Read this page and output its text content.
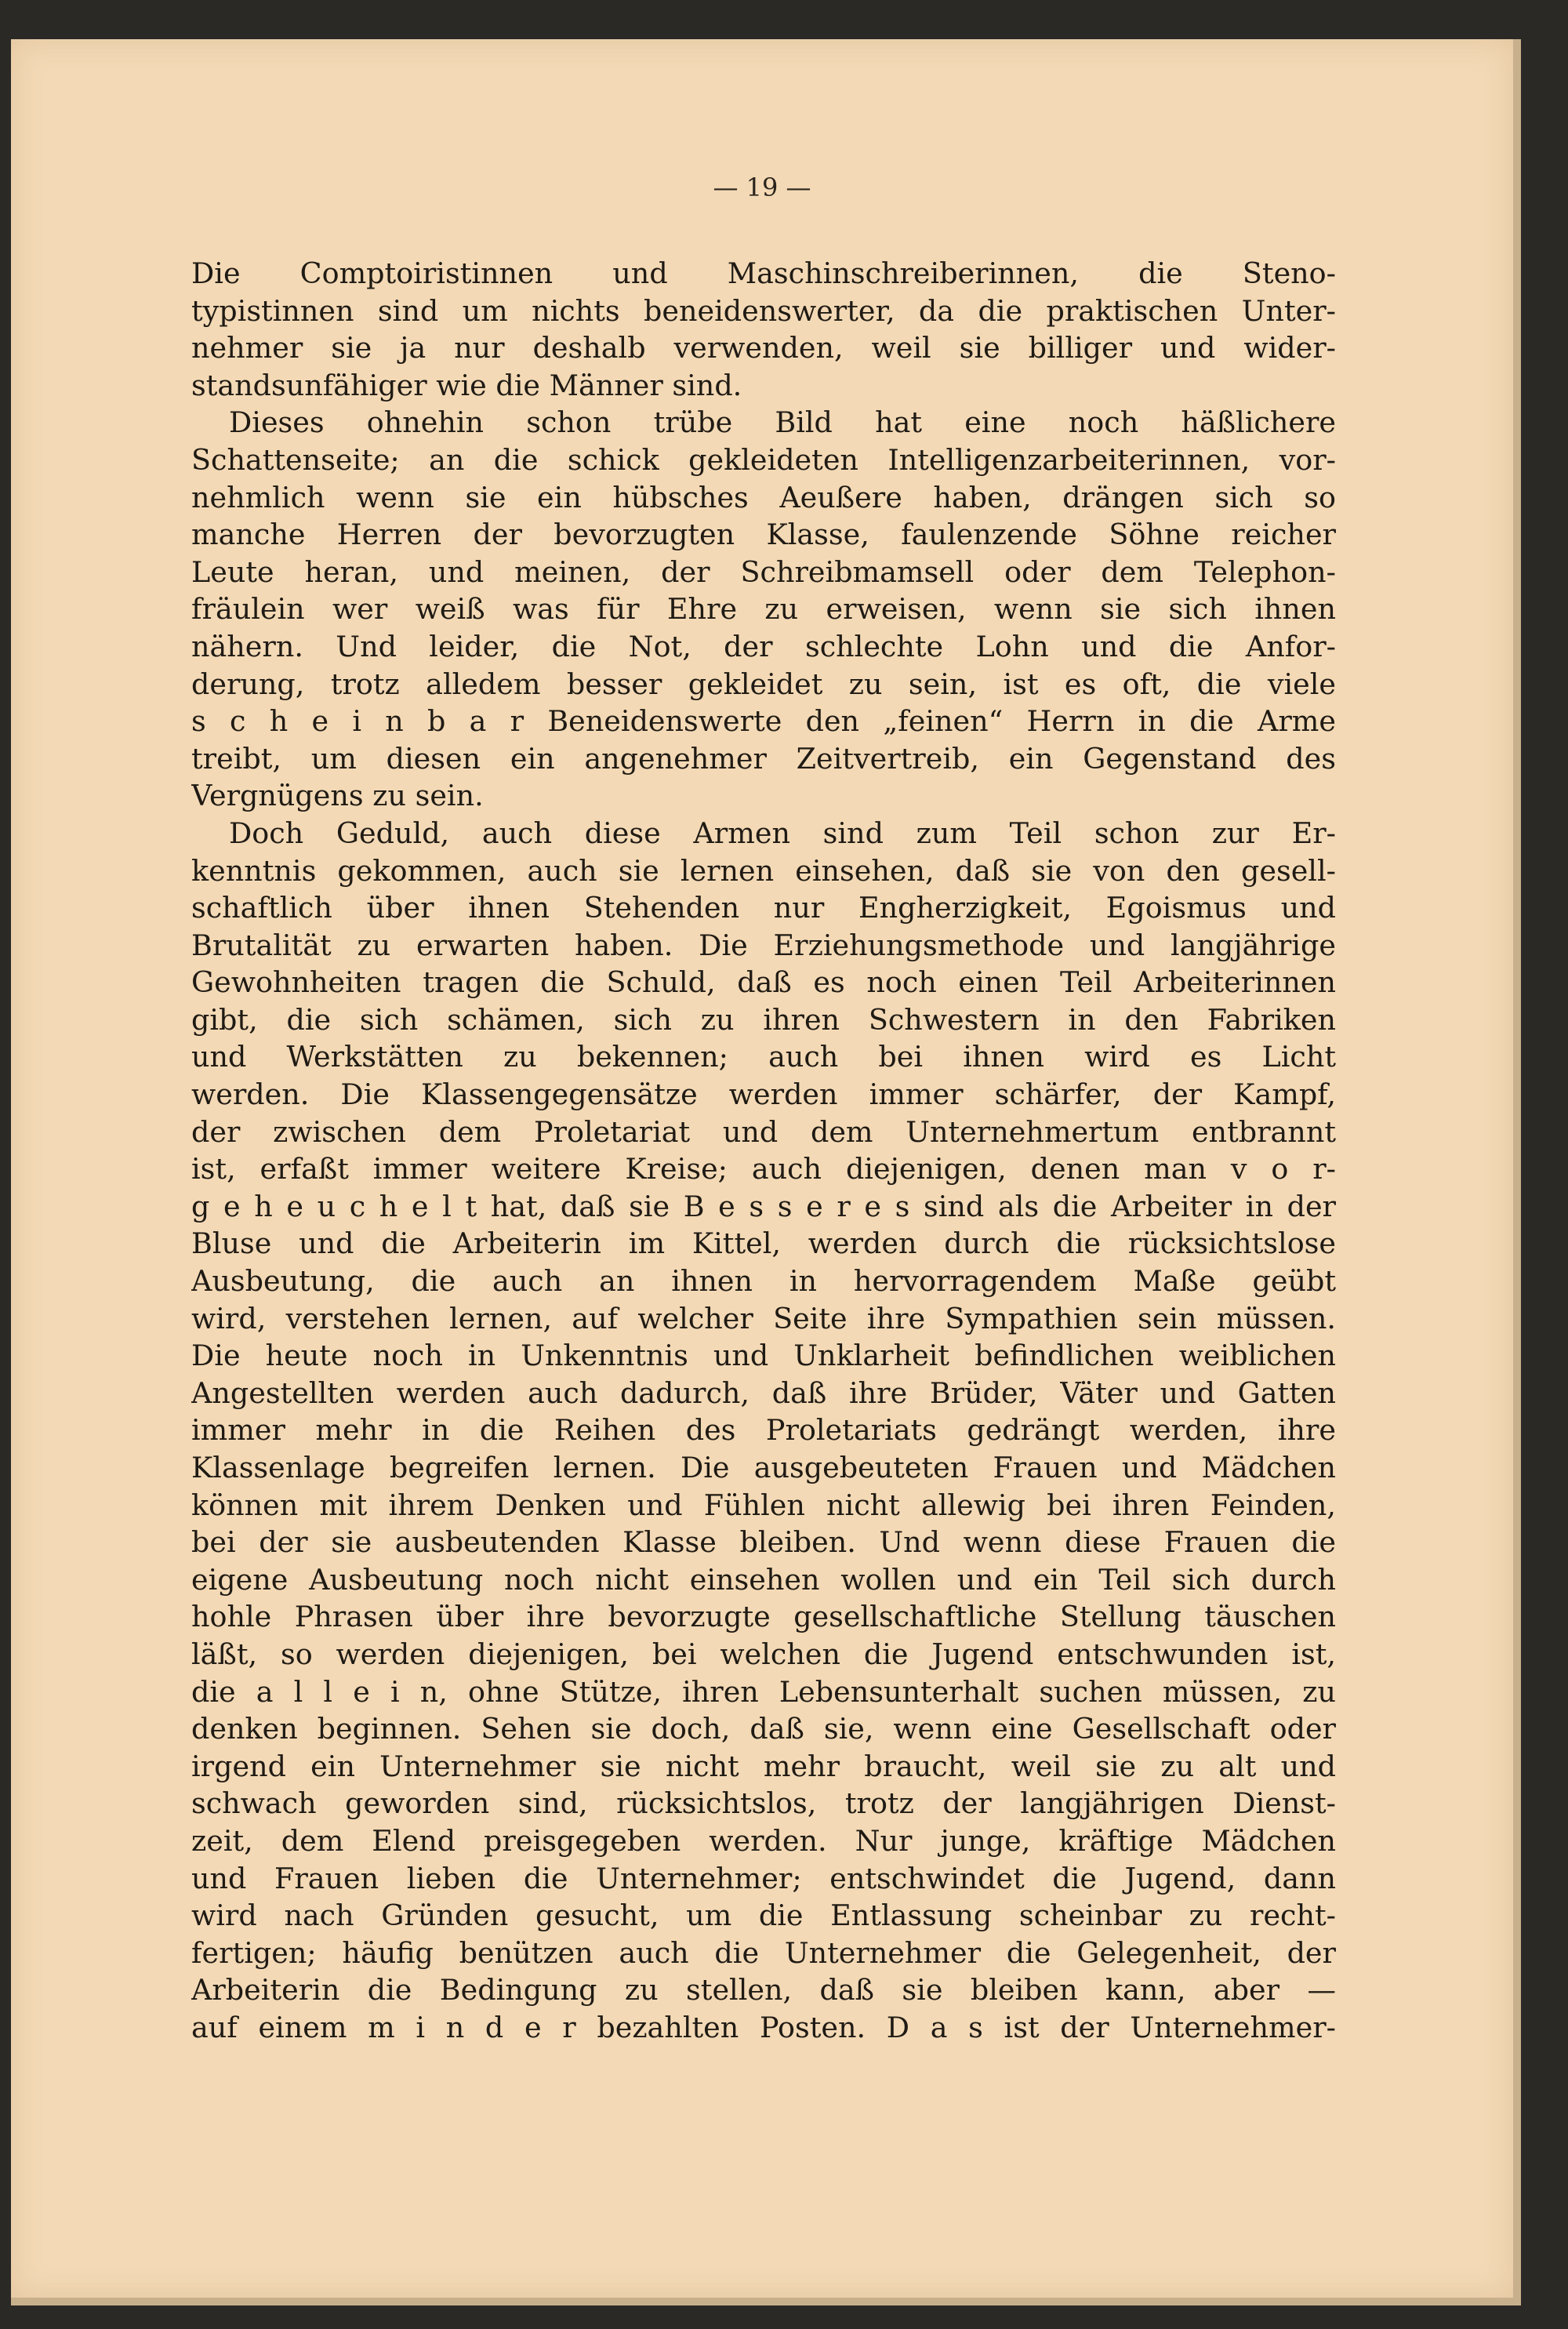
— 19 —
Die Comptoiristinnen und Maschinschreiberinnen, die Steno-
typistinnen sind um nichts beneidenswerter, da die praktischen Unter-
nehmer sie ja nur deshalb verwenden, weil sie billiger und wider-
standsunfähiger wie die Männer sind.
Dieses ohnehin schon trübe Bild hat eine noch häßlichere
Schattenseite; an die schick gekleideten Intelligenzarbeiterinnen, vor-
nehmlich wenn sie ein hübsches Aeußere haben, drängen sich so
manche Herren der bevorzugten Klasse, faulenzende Söhne reicher
Leute heran, und meinen, der Schreibmamsell oder dem Telephon-
fräulein wer weiß was für Ehre zu erweisen, wenn sie sich ihnen
nähern. Und leider, die Not, der schlechte Lohn und die Anfor-
derung, trotz alledem besser gekleidet zu sein, ist es oft, die viele
s c h e i n b a r Beneidenswerte den „feinen“ Herrn in die Arme
treibt, um diesen ein angenehmer Zeitvertreib, ein Gegenstand des
Vergnügens zu sein.
Doch Geduld, auch diese Armen sind zum Teil schon zur Er-
kenntnis gekommen, auch sie lernen einsehen, daß sie von den gesell-
schaftlich über ihnen Stehenden nur Engherzigkeit, Egoismus und
Brutalität zu erwarten haben. Die Erziehungsmethode und langjährige
Gewohnheiten tragen die Schuld, daß es noch einen Teil Arbeiterinnen
gibt, die sich schämen, sich zu ihren Schwestern in den Fabriken
und Werkstätten zu bekennen; auch bei ihnen wird es Licht
werden. Die Klassengegensätze werden immer schärfer, der Kampf,
der zwischen dem Proletariat und dem Unternehmertum entbrannt
ist, erfaßt immer weitere Kreise; auch diejenigen, denen man v o r-
g e h e u c h e l t hat, daß sie B e s s e r e s sind als die Arbeiter in der
Bluse und die Arbeiterin im Kittel, werden durch die rücksichtslose
Ausbeutung, die auch an ihnen in hervorragendem Maße geübt
wird, verstehen lernen, auf welcher Seite ihre Sympathien sein müssen.
Die heute noch in Unkenntnis und Unklarheit befindlichen weiblichen
Angestellten werden auch dadurch, daß ihre Brüder, Väter und Gatten
immer mehr in die Reihen des Proletariats gedrängt werden, ihre
Klassenlage begreifen lernen. Die ausgebeuteten Frauen und Mädchen
können mit ihrem Denken und Fühlen nicht allewig bei ihren Feinden,
bei der sie ausbeutenden Klasse bleiben. Und wenn diese Frauen die
eigene Ausbeutung noch nicht einsehen wollen und ein Teil sich durch
hohle Phrasen über ihre bevorzugte gesellschaftliche Stellung täuschen
läßt, so werden diejenigen, bei welchen die Jugend entschwunden ist,
die a l l e i n, ohne Stütze, ihren Lebensunterhalt suchen müssen, zu
denken beginnen. Sehen sie doch, daß sie, wenn eine Gesellschaft oder
irgend ein Unternehmer sie nicht mehr braucht, weil sie zu alt und
schwach geworden sind, rücksichtslos, trotz der langjährigen Dienst-
zeit, dem Elend preisgegeben werden. Nur junge, kräftige Mädchen
und Frauen lieben die Unternehmer; entschwindet die Jugend, dann
wird nach Gründen gesucht, um die Entlassung scheinbar zu recht-
fertigen; häufig benützen auch die Unternehmer die Gelegenheit, der
Arbeiterin die Bedingung zu stellen, daß sie bleiben kann, aber —
auf einem m i n d e r bezahlten Posten. D a s ist der Unternehmer-
